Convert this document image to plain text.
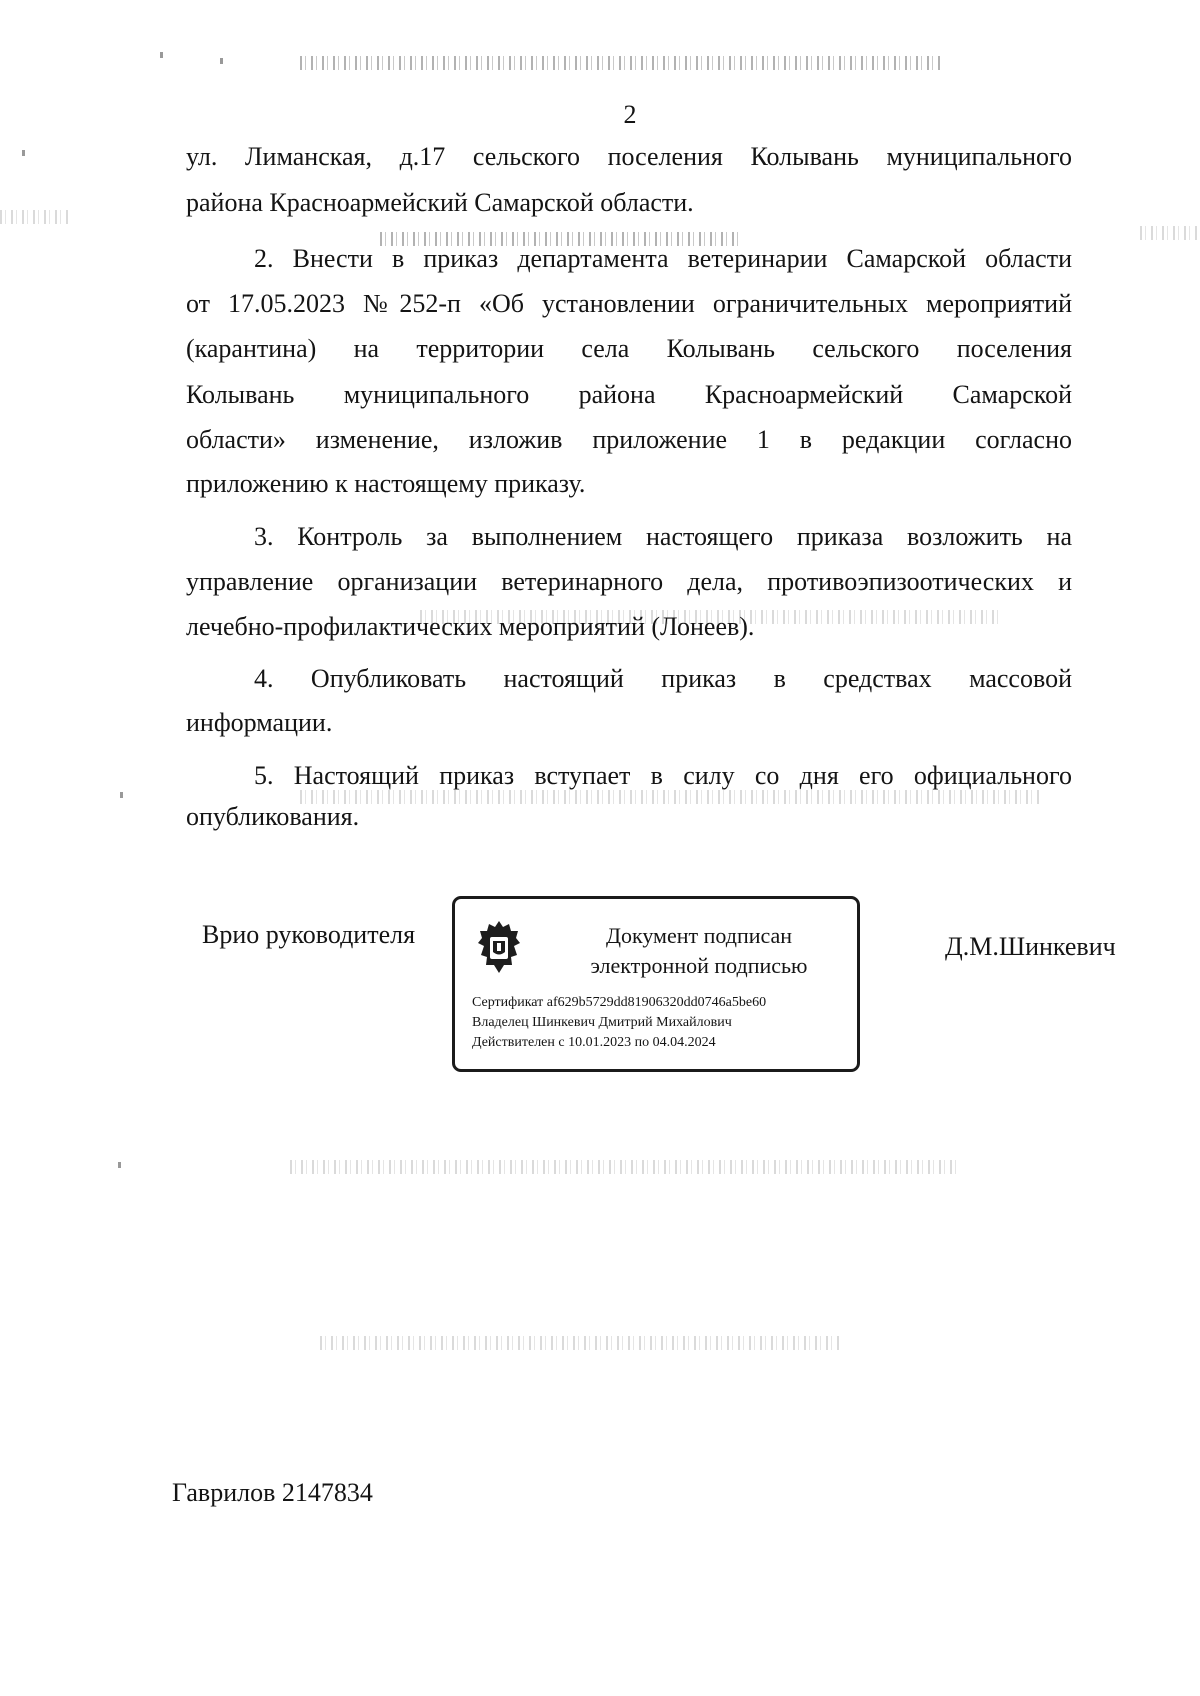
2
ул. Лиманская, д.17 сельского поселения Колывань муниципального
района Красноармейский Самарской области.
2. Внести в приказ департамента ветеринарии Самарской области
от 17.05.2023 №252-п «Об установлении ограничительных мероприятий
(карантина) на территории села Колывань сельского поселения
Колывань муниципального района Красноармейский Самарской
области» изменение, изложив приложение 1 в редакции согласно
приложению к настоящему приказу.
3. Контроль за выполнением настоящего приказа возложить на
управление организации ветеринарного дела, противоэпизоотических и
лечебно-профилактических мероприятий (Лонеев).
4. Опубликовать настоящий приказ в средствах массовой
информации.
5. Настоящий приказ вступает в силу со дня его официального
опубликования.
Врио руководителя	Документ подписан
электронной подписью
Сертификат af629b5729dd81906320dd0746a5be60
Владелец Шинкевич Дмитрий Михайлович
Действителен с 10.01.2023 по 04.04.2024
Д.М.Шинкевич
Гаврилов 2147834
